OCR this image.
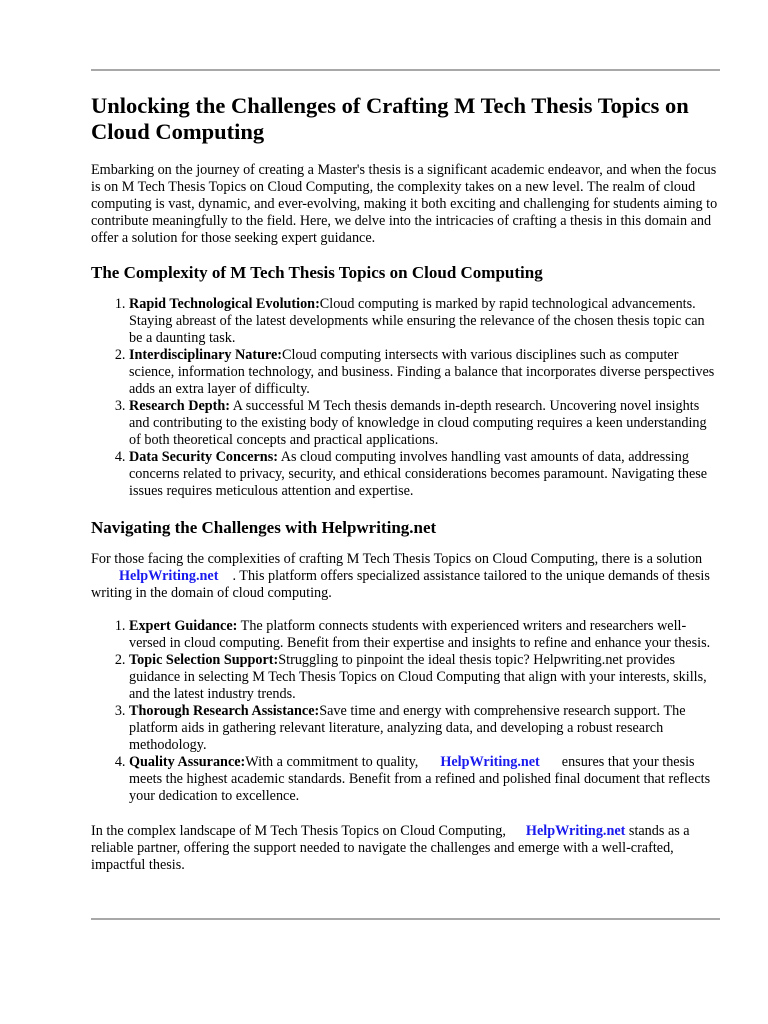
Unlocking the Challenges of Crafting M Tech Thesis Topics on Cloud Computing

Embarking on the journey of creating a Master's thesis is a significant academic endeavor, and when the focus is on M Tech Thesis Topics on Cloud Computing, the complexity takes on a new level. The realm of cloud computing is vast, dynamic, and ever-evolving, making it both exciting and challenging for students aiming to contribute meaningfully to the field. Here, we delve into the intricacies of crafting a thesis in this domain and offer a solution for those seeking expert guidance.

The Complexity of M Tech Thesis Topics on Cloud Computing
1. Rapid Technological Evolution:Cloud computing is marked by rapid technological advancements. Staying abreast of the latest developments while ensuring the relevance of the chosen thesis topic can be a daunting task.
2. Interdisciplinary Nature:Cloud computing intersects with various disciplines such as computer science, information technology, and business. Finding a balance that incorporates diverse perspectives adds an extra layer of difficulty.
3. Research Depth: A successful M Tech thesis demands in-depth research. Uncovering novel insights and contributing to the existing body of knowledge in cloud computing requires a keen understanding of both theoretical concepts and practical applications.
4. Data Security Concerns: As cloud computing involves handling vast amounts of data, addressing concerns related to privacy, security, and ethical considerations becomes paramount. Navigating these issues requires meticulous attention and expertise.
Navigating the Challenges with Helpwriting.net

For those facing the complexities of crafting M Tech Thesis Topics on Cloud Computing, there is a solutionHelpWriting.net . This platform offers specialized assistance tailored to the unique demands of thesis writing in the domain of cloud computing.

1. Expert Guidance: The platform connects students with experienced writers and researchers well-versed in cloud computing. Benefit from their expertise and insights to refine and enhance your thesis.
2. Topic Selection Support:Struggling to pinpoint the ideal thesis topic? Helpwriting.net provides guidance in selecting M Tech Thesis Topics on Cloud Computing that align with your interests, skills, and the latest industry trends.
3. Thorough Research Assistance:Save time and energy with comprehensive research support. The platform aids in gathering relevant literature, analyzing data, and developing a robust research methodology.
4. Quality Assurance:With a commitment to quality, HelpWriting.net ensures that your thesis meets the highest academic standards. Benefit from a refined and polished final document that reflects your dedication to excellence.

In the complex landscape of M Tech Thesis Topics on Cloud Computing, HelpWriting.net stands as a reliable partner, offering the support needed to navigate the challenges and emerge with a well-crafted, impactful thesis.
